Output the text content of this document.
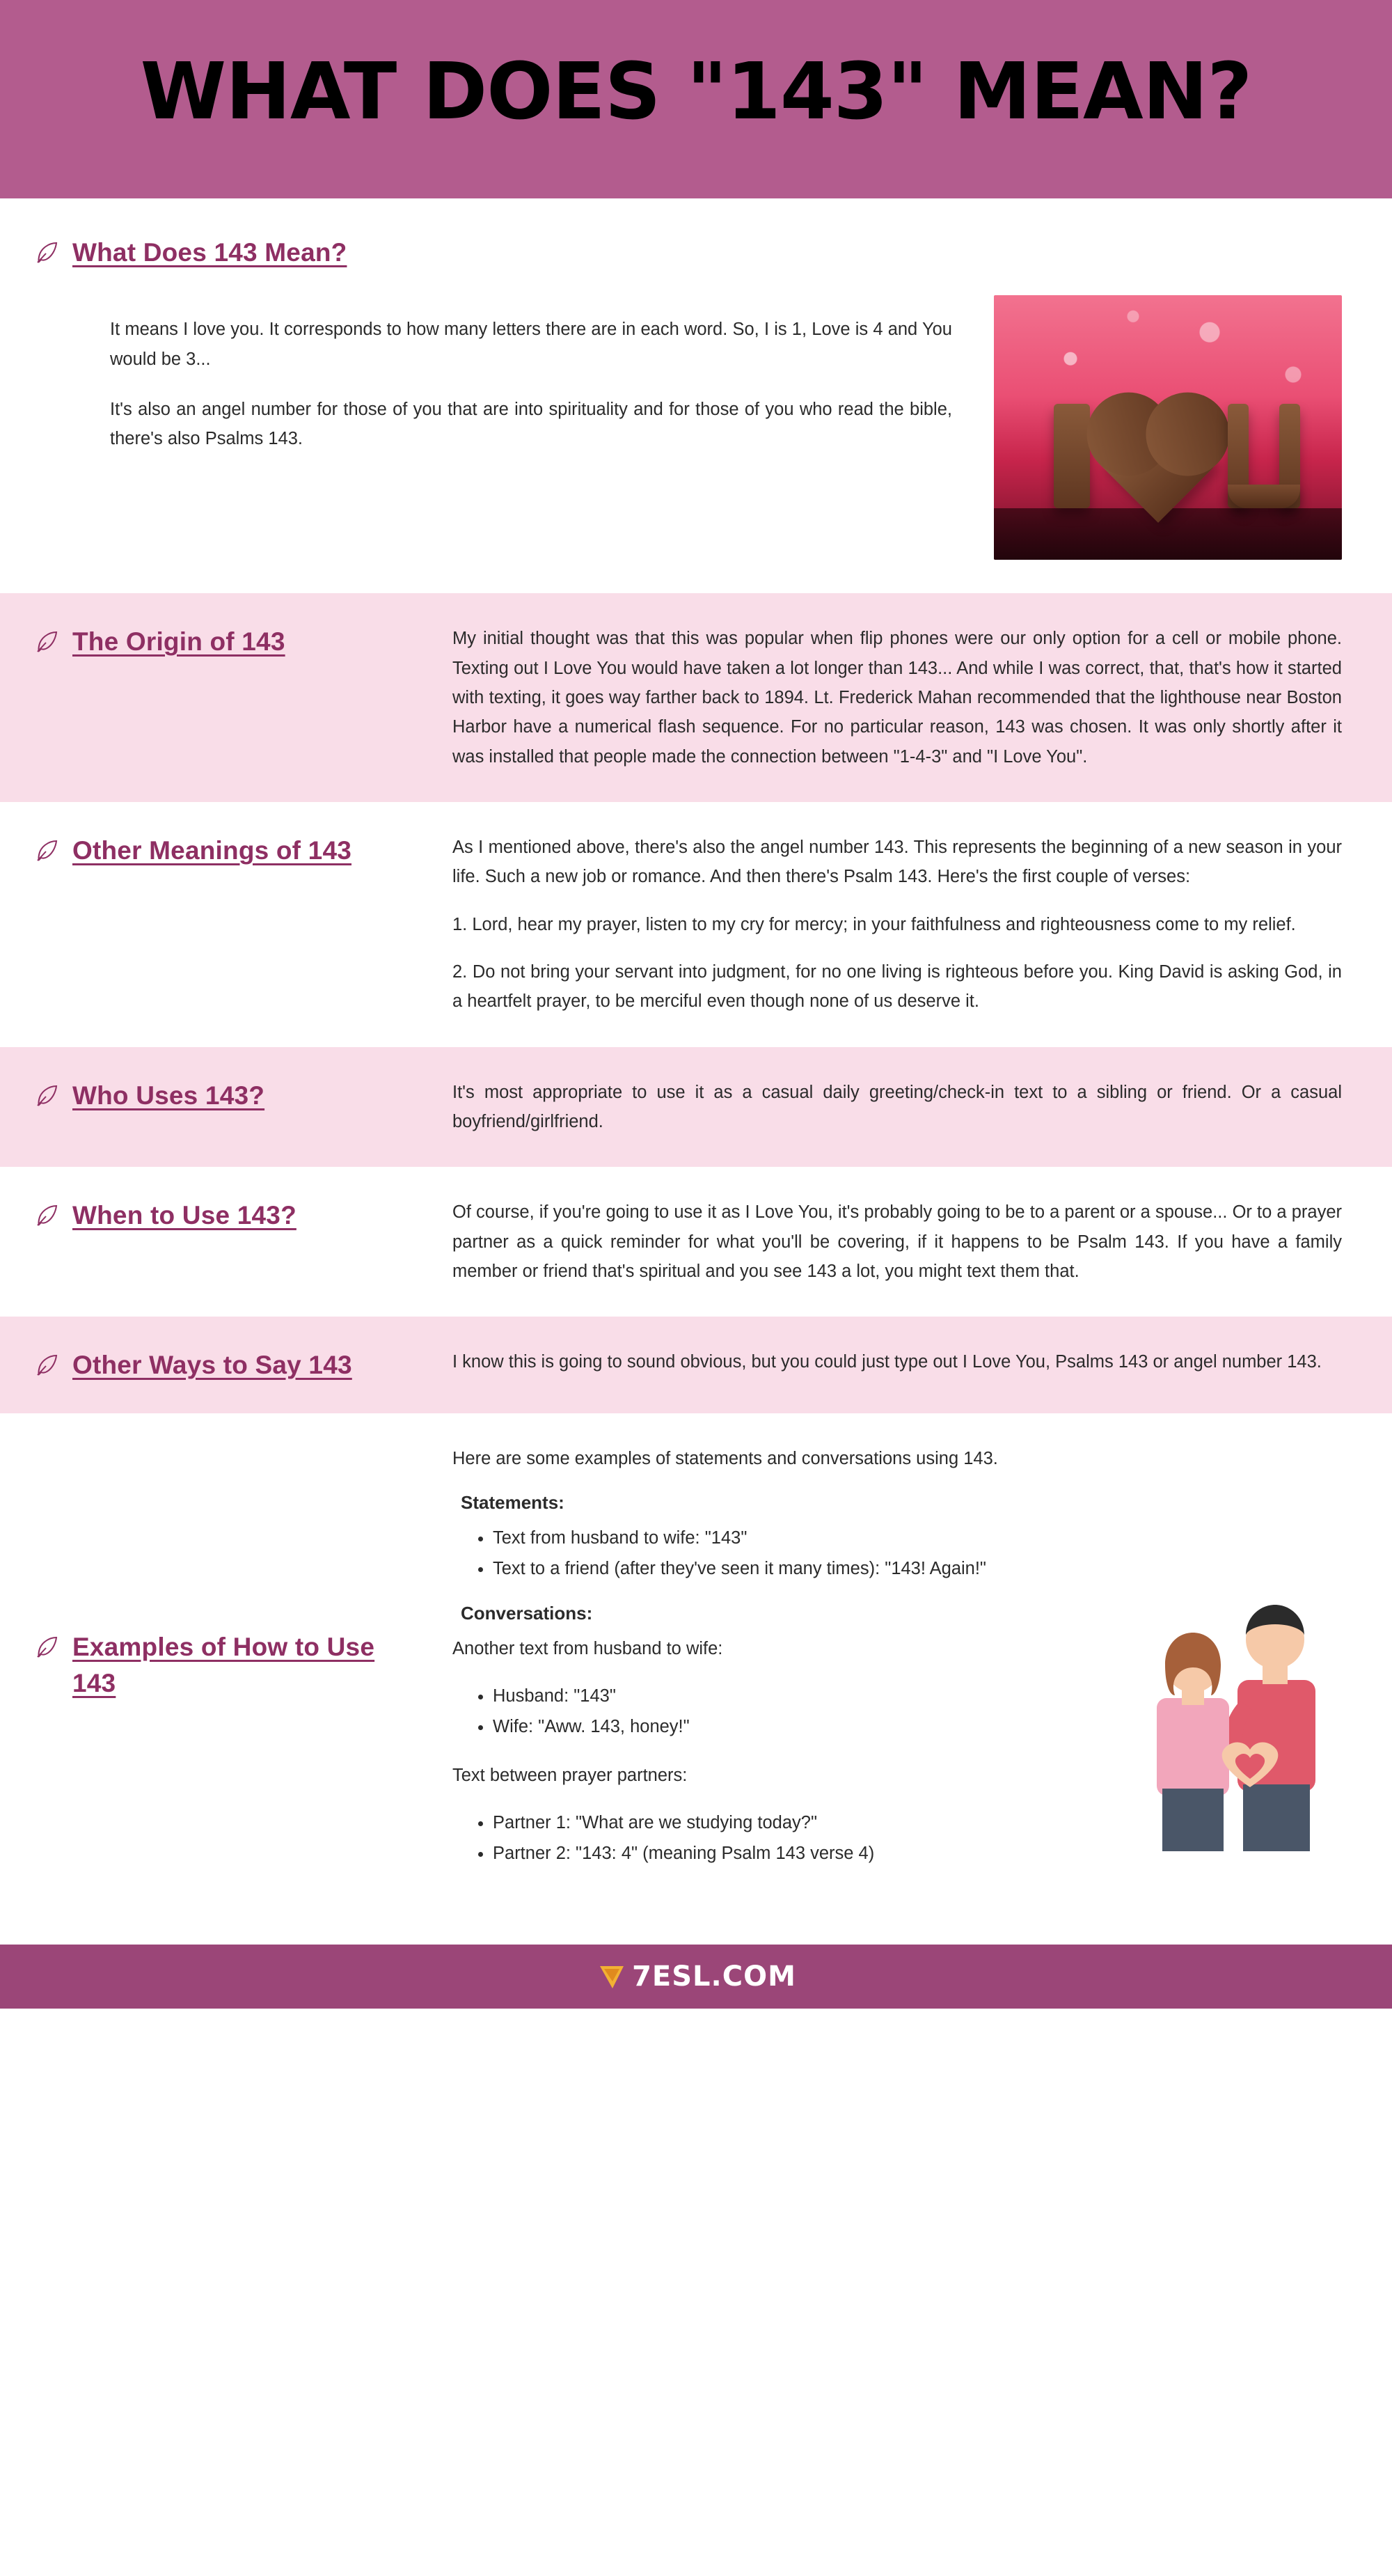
WHAT DOES "143" MEAN?
What Does 143 Mean?

It means I love you. It corresponds to how many letters there are in each word. So, I is 1, Love is 4 and You would be 3...

It's also an angel number for those of you that are into spirituality and for those of you who read the bible, there's also Psalms 143.

The Origin of 143	My initial thought was that this was popular when flip phones were our only option for a cell or mobile phone. Texting out I Love You would have taken a lot longer than 143... And while I was correct, that, that's how it started with texting, it goes way farther back to 1894. Lt. Frederick Mahan recommended that the lighthouse near Boston Harbor have a numerical flash sequence. For no particular reason, 143 was chosen. It was only shortly after it was installed that people made the connection between "1-4-3" and "I Love You".

Other Meanings of 143	As I mentioned above, there's also the angel number 143. This represents the beginning of a new season in your life. Such a new job or romance. And then there's Psalm 143. Here's the first couple of verses:

1. Lord, hear my prayer, listen to my cry for mercy; in your faithfulness and righteousness come to my relief.

2. Do not bring your servant into judgment, for no one living is righteous before you. King David is asking God, in a heartfelt prayer, to be merciful even though none of us deserve it.

Who Uses 143?	It's most appropriate to use it as a casual daily greeting/check-in text to a sibling or friend. Or a casual boyfriend/girlfriend.

When to Use 143?	Of course, if you're going to use it as I Love You, it's probably going to be to a parent or a spouse... Or to a prayer partner as a quick reminder for what you'll be covering, if it happens to be Psalm 143. If you have a family member or friend that's spiritual and you see 143 a lot, you might text them that.

Other Ways to Say 143	I know this is going to sound obvious, but you could just type out I Love You, Psalms 143 or angel number 143.

Examples of How to Use 143

Here are some examples of statements and conversations using 143.

Statements:

• Text from husband to wife: "143"
• Text to a friend (after they've seen it many times): "143! Again!"

Conversations:

Another text from husband to wife:

• Husband: "143"
• Wife: "Aww. 143, honey!"

Text between prayer partners:

• Partner 1: "What are we studying today?"
• Partner 2: "143: 4" (meaning Psalm 143 verse 4)
7ESL.COM
